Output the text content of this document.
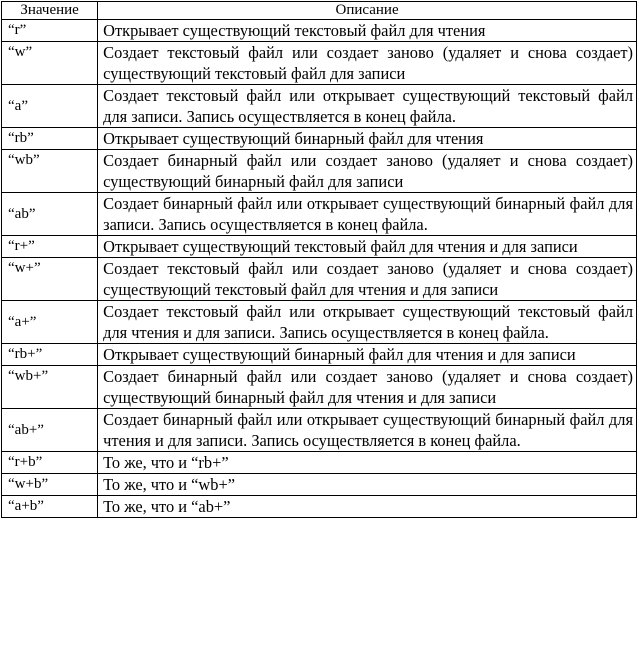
Значение	Описание
“r”	Открывает существующий текстовый файл для чтения
“w”	Создает текстовый файл или создает заново (удаляет и снова создает) существующий текстовый файл для записи
“a”	Создает текстовый файл или открывает существующий текстовый файл для записи. Запись осуществляется в конец файла.
“rb”	Открывает существующий бинарный файл для чтения
“wb”	Создает бинарный файл или создает заново (удаляет и снова создает) существующий бинарный файл для записи
“ab”	Создает бинарный файл или открывает существующий бинарный файл для записи. Запись осуществляется в конец файла.
“r+”	Открывает существующий текстовый файл для чтения и для записи
“w+”	Создает текстовый файл или создает заново (удаляет и снова создает) существующий текстовый файл для чтения и для записи
“a+”	Создает текстовый файл или открывает существующий текстовый файл для чтения и для записи. Запись осуществляется в конец файла.
“rb+”	Открывает существующий бинарный файл для чтения и для записи
“wb+”	Создает бинарный файл или создает заново (удаляет и снова создает) существующий бинарный файл для чтения и для записи
“ab+”	Создает бинарный файл или открывает существующий бинарный файл для чтения и для записи. Запись осуществляется в конец файла.
“r+b”	То же, что и “rb+”
“w+b”	То же, что и “wb+”
“a+b”	То же, что и “ab+”
